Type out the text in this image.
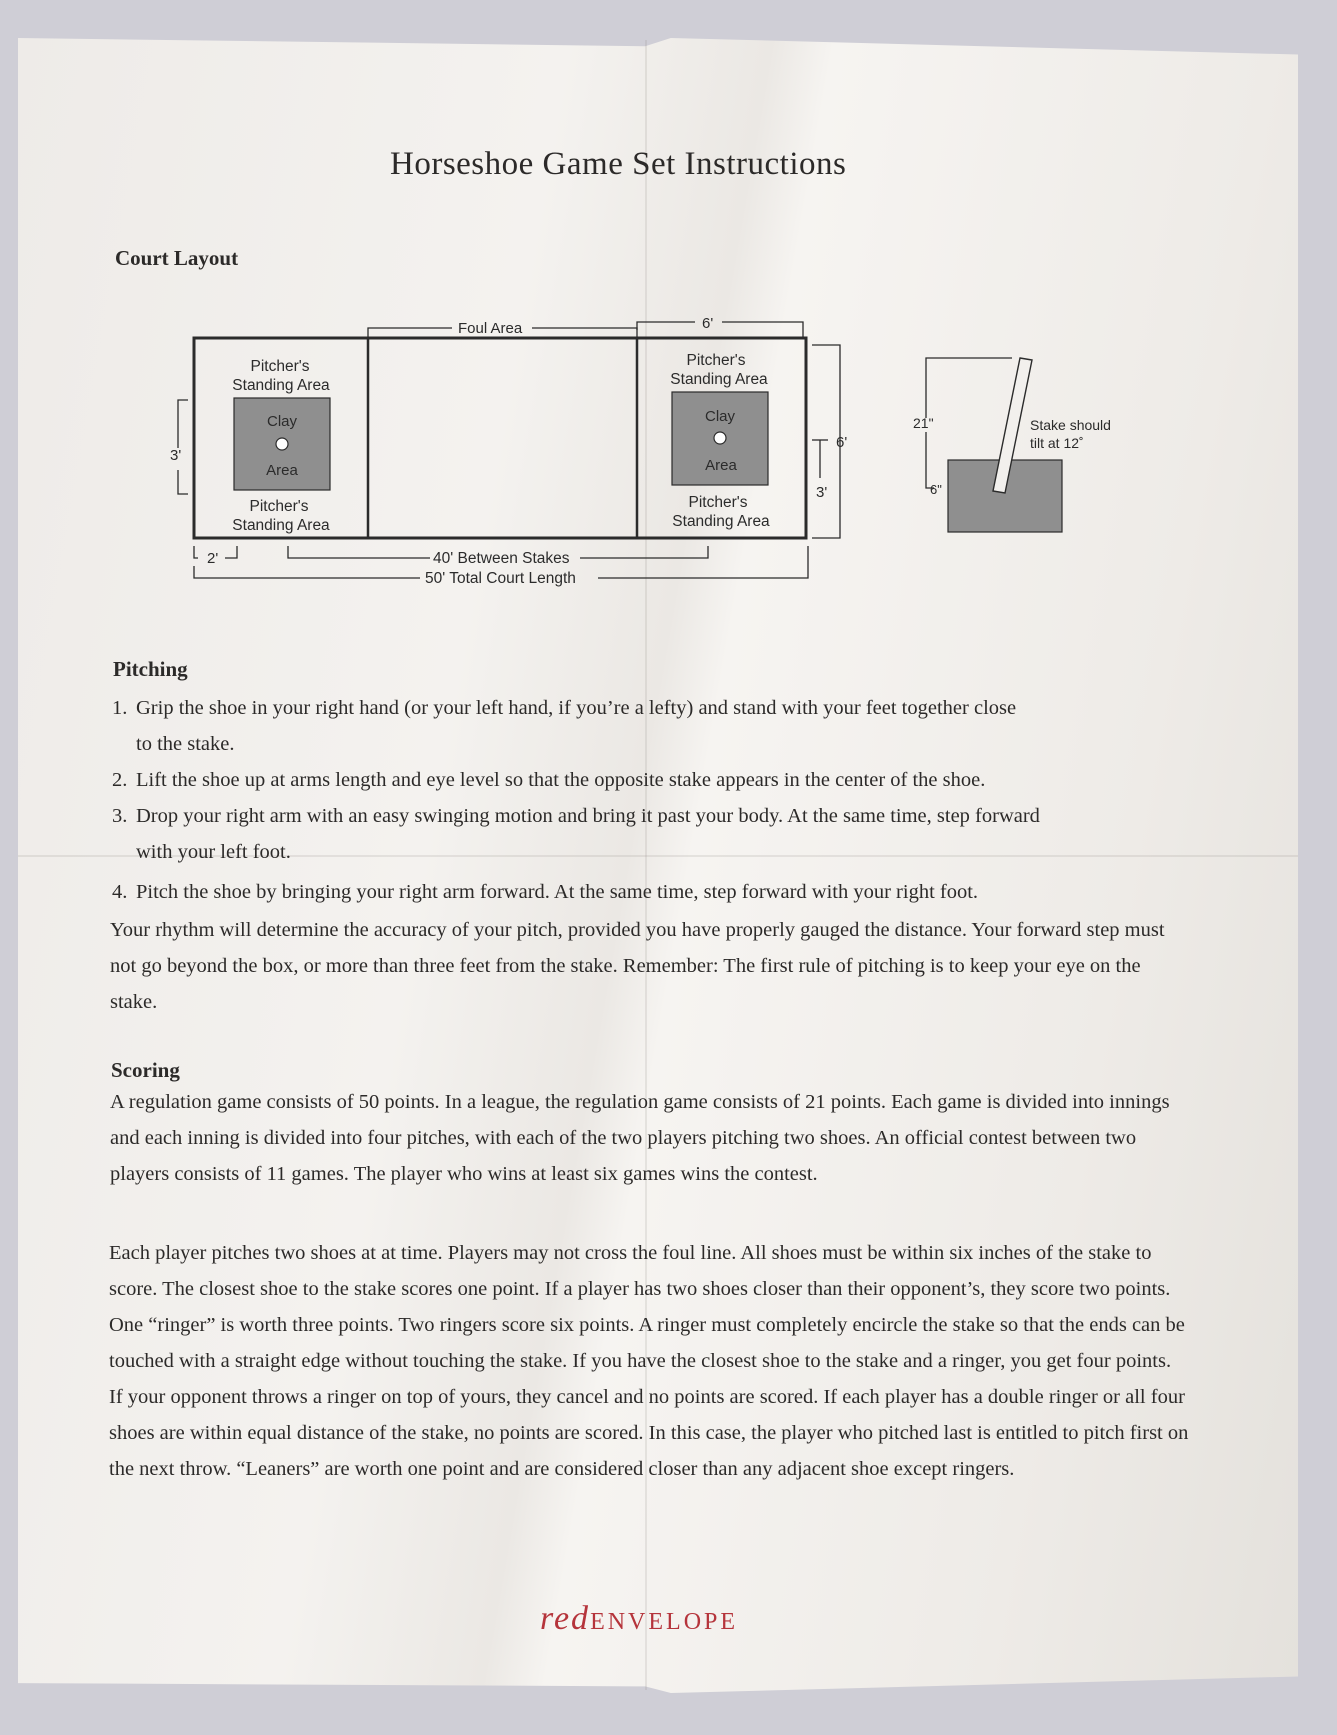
Horseshoe Game Set Instructions
Court Layout
Foul Area	6'
Pitcher's
Standing Area
Clay
Area
Pitcher's
Standing Area
Pitcher's
Standing Area
Clay
Area
Pitcher's
Standing Area
3'
6'
3'
2'	40' Between Stakes
50' Total Court Length
21"
6"
Stake should
tilt at 12˚
Pitching
1. Grip the shoe in your right hand (or your left hand, if you’re a lefty) and stand with your feet together close
to the stake.
2. Lift the shoe up at arms length and eye level so that the opposite stake appears in the center of the shoe.
3. Drop your right arm with an easy swinging motion and bring it past your body. At the same time, step forward
with your left foot.
4. Pitch the shoe by bringing your right arm forward. At the same time, step forward with your right foot.

Your rhythm will determine the accuracy of your pitch, provided you have properly gauged the distance. Your forward step must not go beyond the box, or more than three feet from the stake. Remember: The first rule of pitching is to keep your eye on the stake.

Scoring

A regulation game consists of 50 points. In a league, the regulation game consists of 21 points. Each game is divided into innings and each inning is divided into four pitches, with each of the two players pitching two shoes. An official contest between two players consists of 11 games. The player who wins at least six games wins the contest.

Each player pitches two shoes at at time. Players may not cross the foul line. All shoes must be within six inches of the stake to score. The closest shoe to the stake scores one point. If a player has two shoes closer than their opponent’s, they score two points. One “ringer” is worth three points. Two ringers score six points. A ringer must completely encircle the stake so that the ends can be touched with a straight edge without touching the stake. If you have the closest shoe to the stake and a ringer, you get four points. If your opponent throws a ringer on top of yours, they cancel and no points are scored. If each player has a double ringer or all four shoes are within equal distance of the stake, no points are scored. In this case, the player who pitched last is entitled to pitch first on the next throw. “Leaners” are worth one point and are considered closer than any adjacent shoe except ringers.

redENVELOPE
